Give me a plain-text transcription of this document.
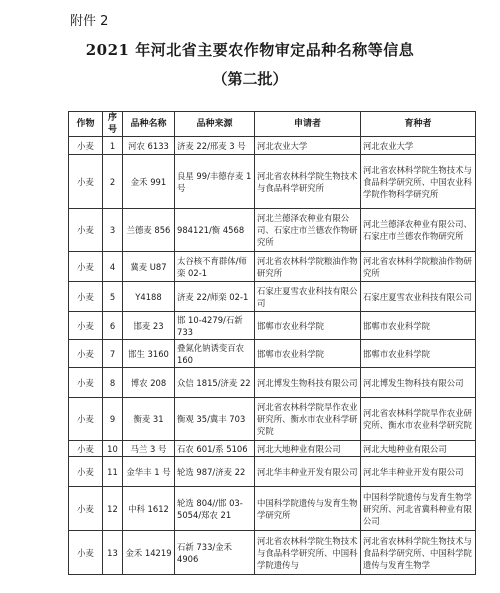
附件 2
2021 年河北省主要农作物审定品种名称等信息
（第二批）
作物	序号	品种名称	品种来源	申请者	育种者
小麦	1	河农 6133	济麦 22/邢麦 3 号	河北农业大学	河北农业大学
小麦	2	金禾 991	良星 99/丰德存麦 1 号	河北省农林科学院生物技术与食品科学研究所	河北省农林科学院生物技术与食品科学研究所、中国农业科学院作物科学研究所
小麦	3	兰德麦 856	984121/衡 4568	河北兰德泽农种业有限公司、石家庄市兰德农作物研究所	河北兰德泽农种业有限公司、石家庄市兰德农作物研究所
小麦	4	冀麦 U87	太谷核不育群体/师栾 02-1	河北省农林科学院粮油作物研究所	河北省农林科学院粮油作物研究所
小麦	5	Y4188	济麦 22/师栾 02-1	石家庄夏雪农业科技有限公司	石家庄夏雪农业科技有限公司
小麦	6	邯麦 23	邯 10-4279/石新 733	邯郸市农业科学院	邯郸市农业科学院
小麦	7	邯生 3160	叠氮化钠诱变百农 160	邯郸市农业科学院	邯郸市农业科学院
小麦	8	博农 208	众信 1815/济麦 22	河北博发生物科技有限公司	河北博发生物科技有限公司
小麦	9	衡麦 31	衡观 35/冀丰 703	河北省农林科学院旱作农业研究所、衡水市农业科学研究院	河北省农林科学院旱作农业研究所、衡水市农业科学研究院
小麦	10	马兰 3 号	石农 601/系 5106	河北大地种业有限公司	河北大地种业有限公司
小麦	11	金华丰 1 号	轮选 987/济麦 22	河北华丰种业开发有限公司	河北华丰种业开发有限公司
小麦	12	中科 1612	轮选 804//邯 03-5054/郑农 21	中国科学院遗传与发育生物学研究所	中国科学院遗传与发育生物学研究所、河北省冀科种业有限公司
小麦	13	金禾 14219	石新 733/金禾 4906	河北省农林科学院生物技术与食品科学研究所、中国科学院遗传与	河北省农林科学院生物技术与食品科学研究所、中国科学院遗传与发育生物学
